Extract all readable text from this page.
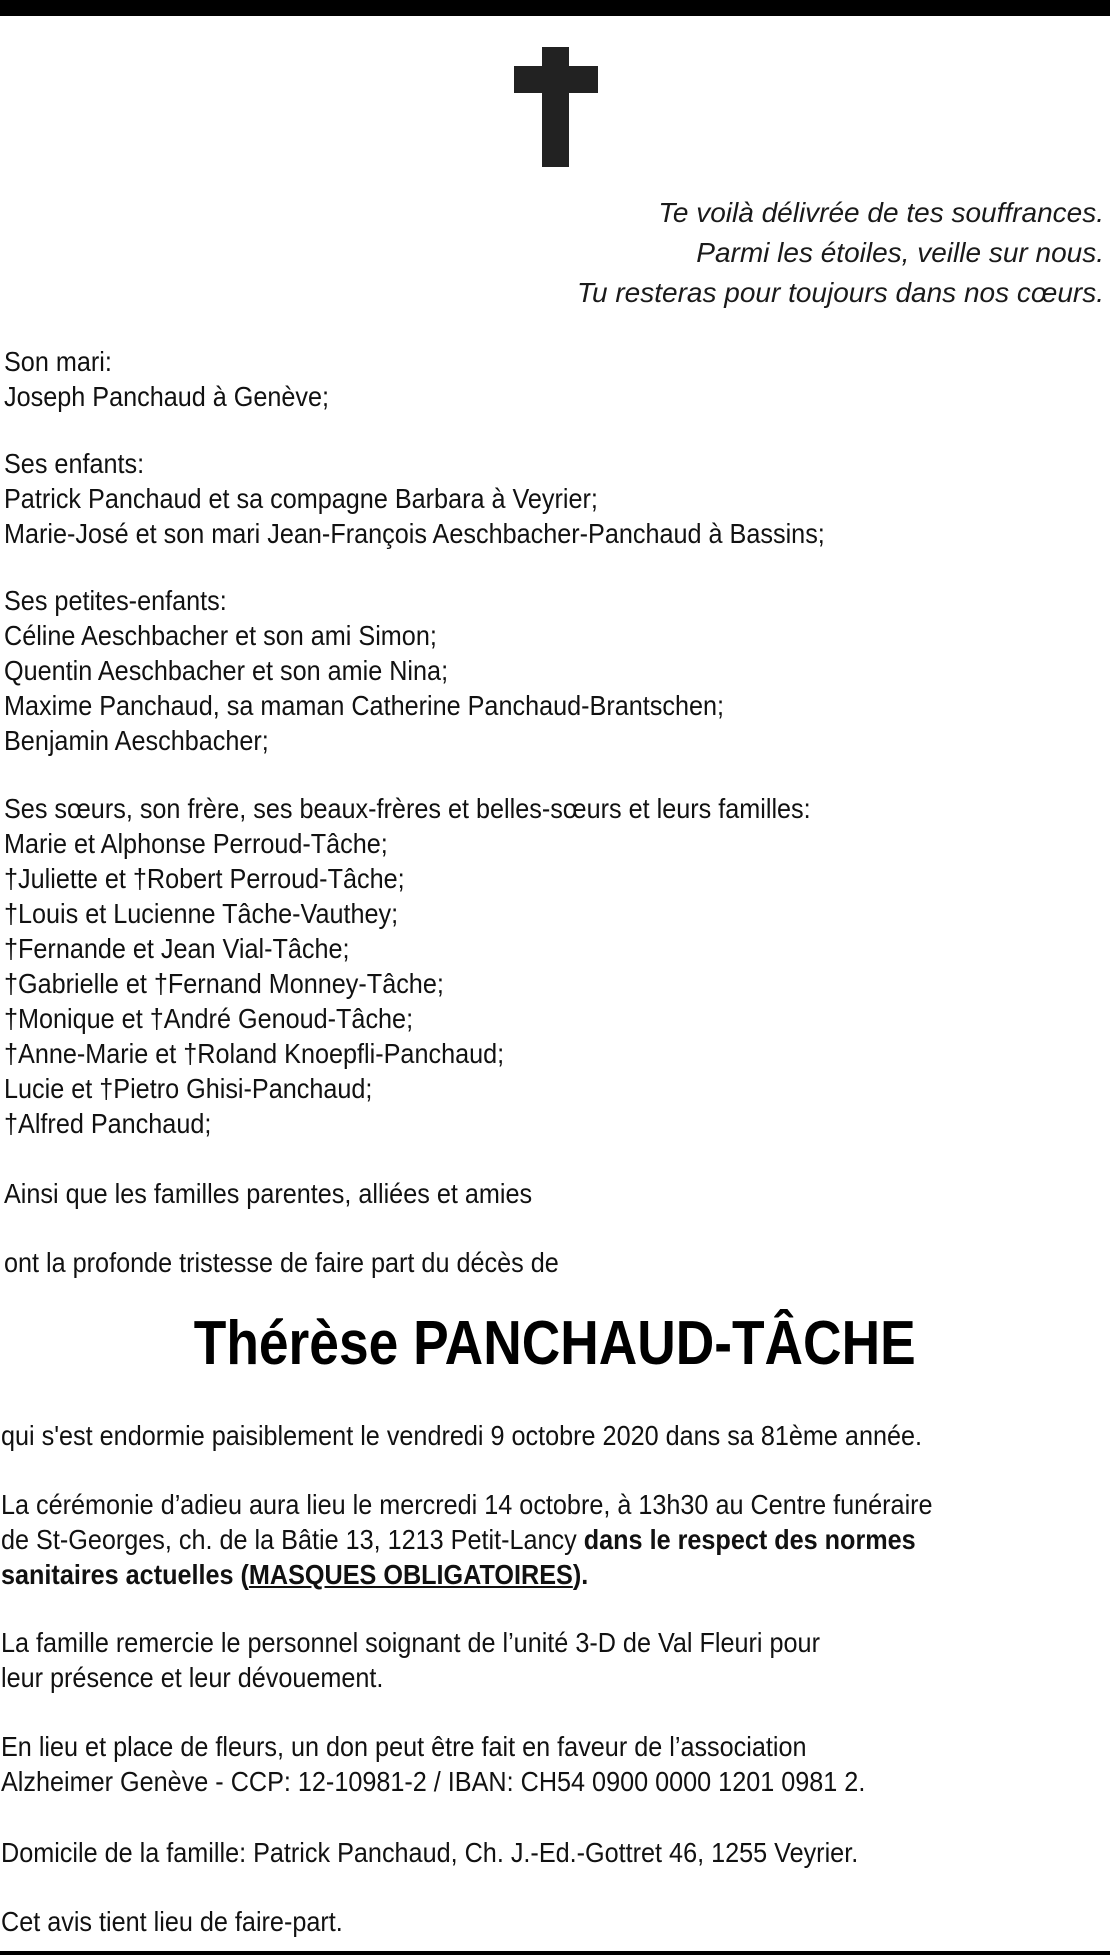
Te voilà délivrée de tes souffrances.
Parmi les étoiles, veille sur nous.
Tu resteras pour toujours dans nos cœurs.
Son mari:
Joseph Panchaud à Genève;
Ses enfants:
Patrick Panchaud et sa compagne Barbara à Veyrier;
Marie-José et son mari Jean-François Aeschbacher-Panchaud à Bassins;
Ses petites-enfants:
Céline Aeschbacher et son ami Simon;
Quentin Aeschbacher et son amie Nina;
Maxime Panchaud, sa maman Catherine Panchaud-Brantschen;
Benjamin Aeschbacher;
Ses sœurs, son frère, ses beaux-frères et belles-sœurs et leurs familles:
Marie et Alphonse Perroud-Tâche;
†Juliette et †Robert Perroud-Tâche;
†Louis et Lucienne Tâche-Vauthey;
†Fernande et Jean Vial-Tâche;
†Gabrielle et †Fernand Monney-Tâche;
†Monique et †André Genoud-Tâche;
†Anne-Marie et †Roland Knoepfli-Panchaud;
Lucie et †Pietro Ghisi-Panchaud;
†Alfred Panchaud;
Ainsi que les familles parentes, alliées et amies
ont la profonde tristesse de faire part du décès de
Thérèse PANCHAUD-TÂCHE
qui s'est endormie paisiblement le vendredi 9 octobre 2020 dans sa 81ème année.
La cérémonie d’adieu aura lieu le mercredi 14 octobre, à 13h30 au Centre funéraire
de St-Georges, ch. de la Bâtie 13, 1213 Petit-Lancy dans le respect des normes
sanitaires actuelles (MASQUES OBLIGATOIRES).
La famille remercie le personnel soignant de l’unité 3-D de Val Fleuri pour
leur présence et leur dévouement.
En lieu et place de fleurs, un don peut être fait en faveur de l’association
Alzheimer Genève - CCP: 12-10981-2 / IBAN: CH54 0900 0000 1201 0981 2.
Domicile de la famille: Patrick Panchaud, Ch. J.-Ed.-Gottret 46, 1255 Veyrier.
Cet avis tient lieu de faire-part.
